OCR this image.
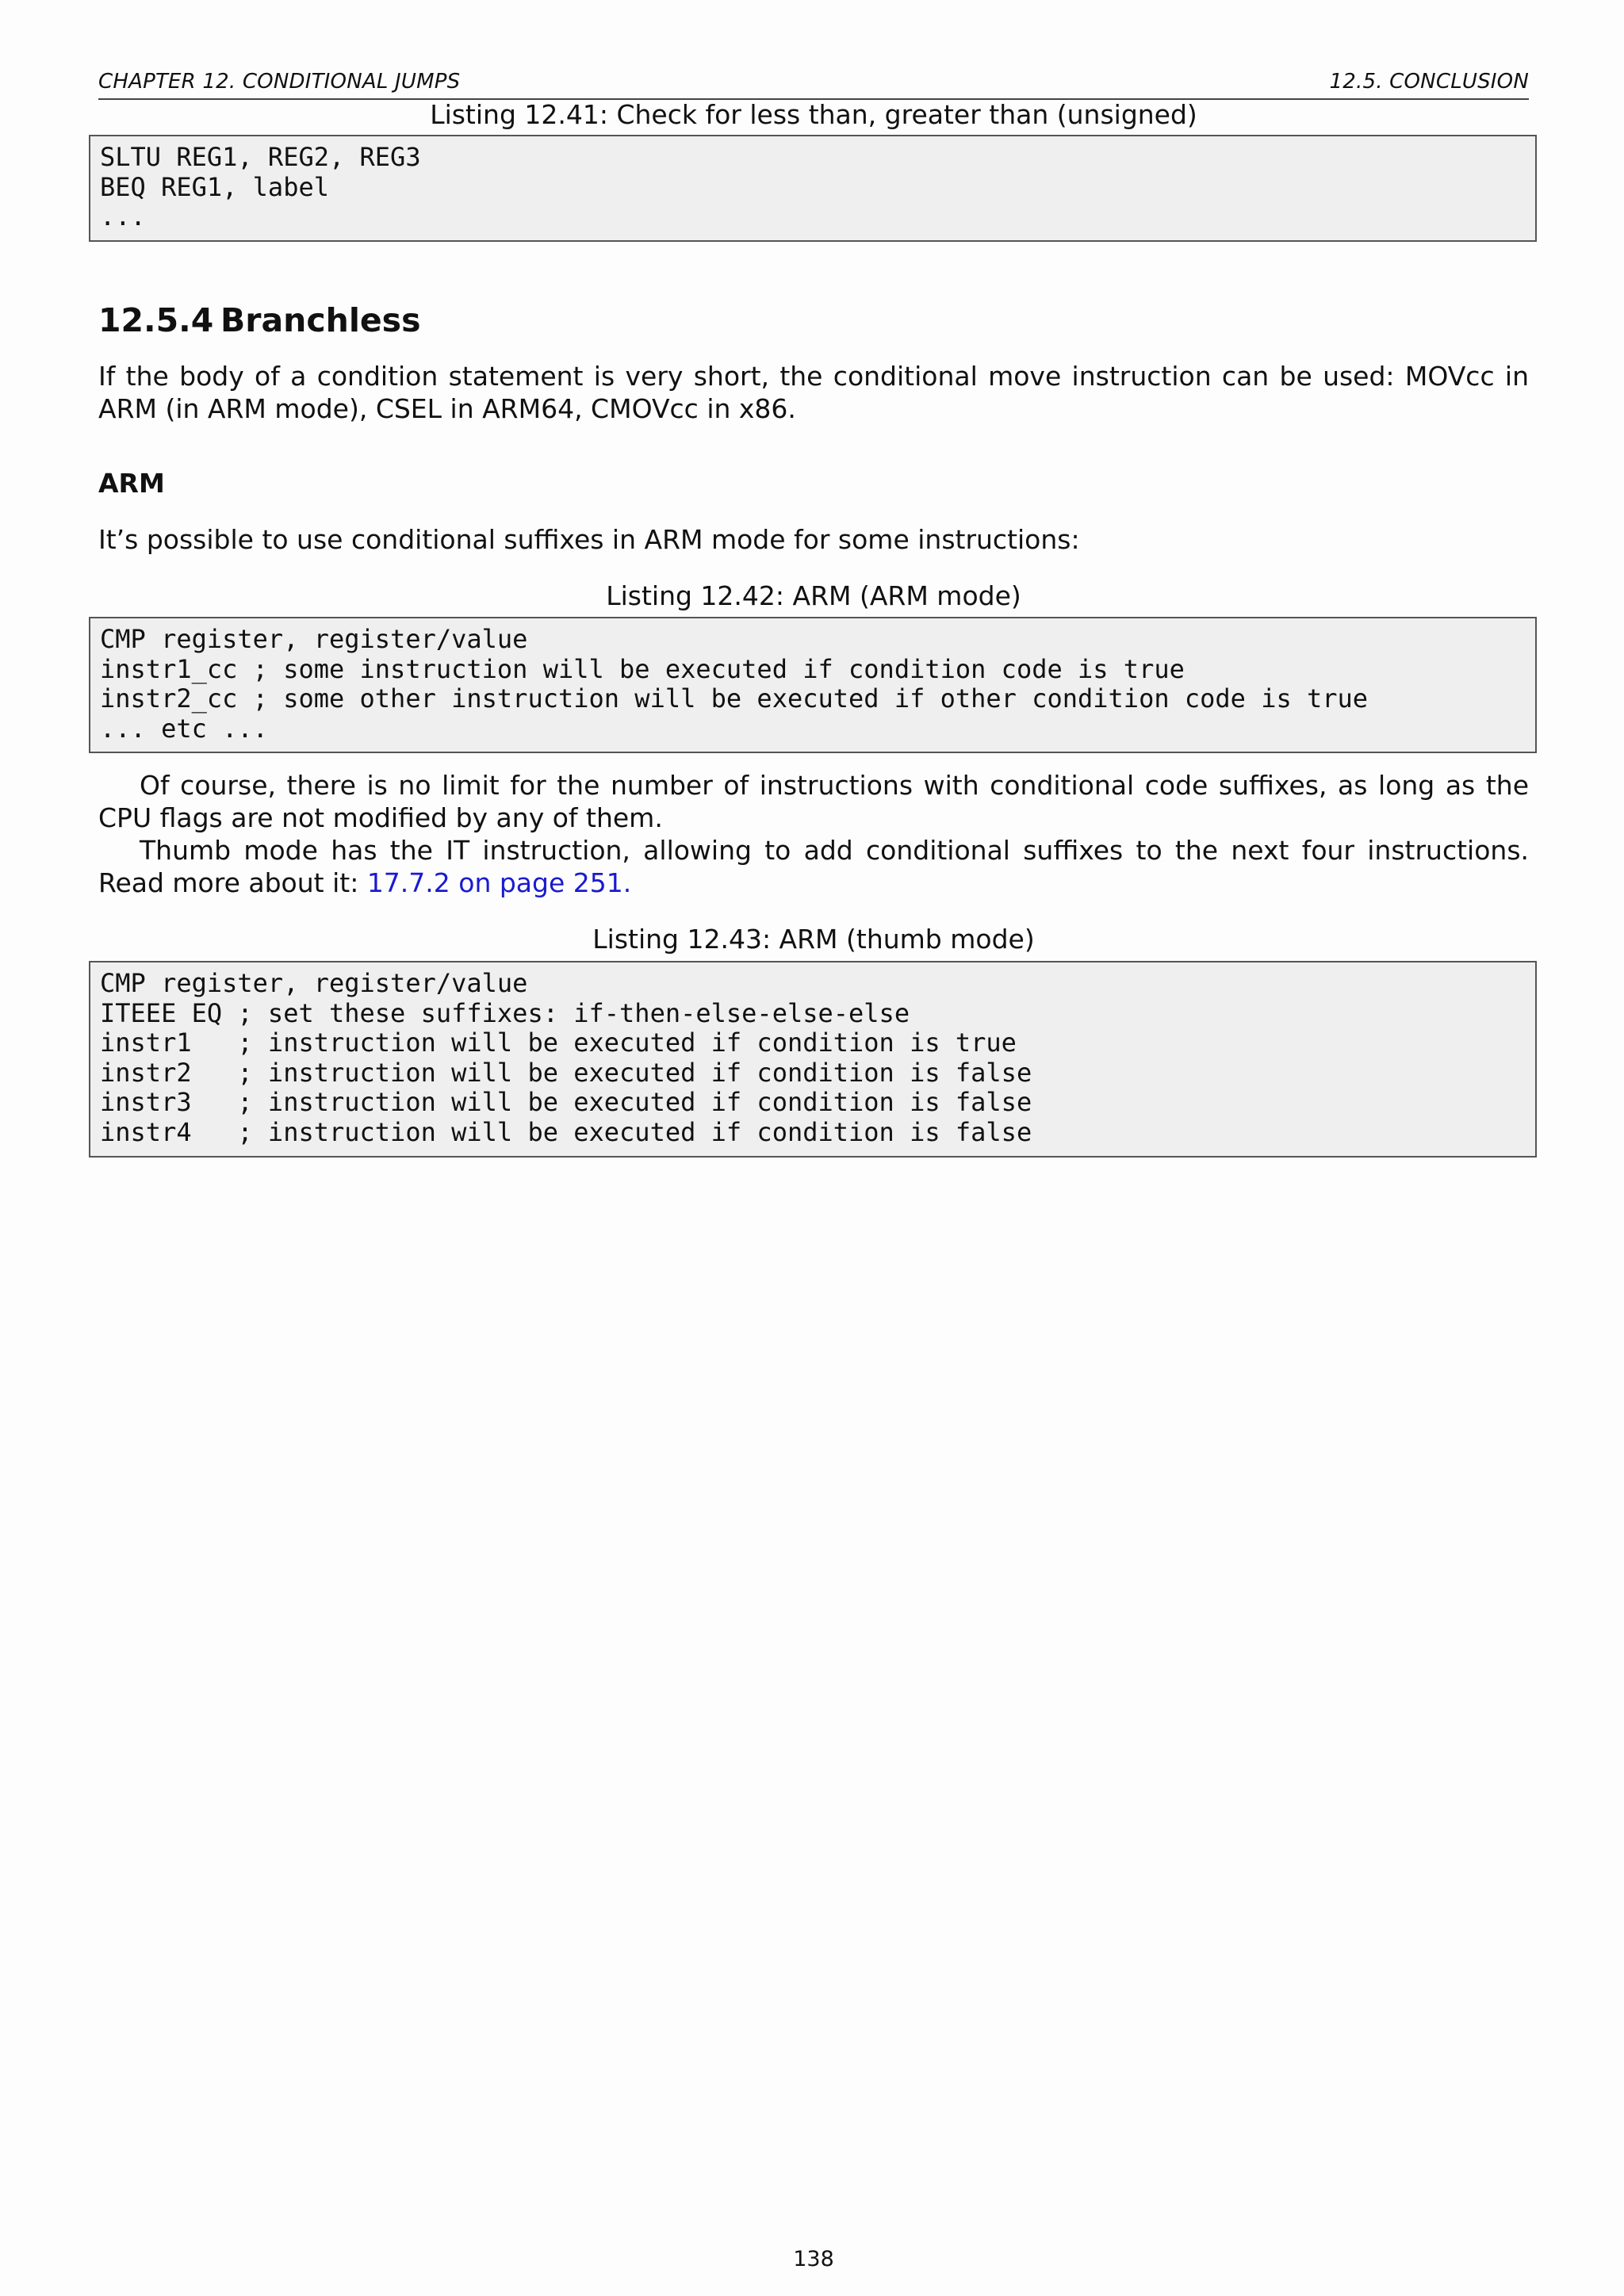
CHAPTER 12. CONDITIONAL JUMPS	12.5. CONCLUSION
Listing 12.41: Check for less than, greater than (unsigned)
SLTU REG1, REG2, REG3
BEQ REG1, label
...
12.5.4 Branchless
If the body of a condition statement is very short, the conditional move instruction can be used: MOVcc in ARM (in ARM mode), CSEL in ARM64, CMOVcc in x86.
ARM
It’s possible to use conditional suffixes in ARM mode for some instructions:
Listing 12.42: ARM (ARM mode)
CMP register, register/value
instr1_cc ; some instruction will be executed if condition code is true
instr2_cc ; some other instruction will be executed if other condition code is true
... etc ...
Of course, there is no limit for the number of instructions with conditional code suffixes, as long as the CPU flags are not modified by any of them.
Thumb mode has the IT instruction, allowing to add conditional suffixes to the next four instructions. Read more about it: 17.7.2 on page 251.
Listing 12.43: ARM (thumb mode)
CMP register, register/value
ITEEE EQ ; set these suffixes: if-then-else-else-else
instr1   ; instruction will be executed if condition is true
instr2   ; instruction will be executed if condition is false
instr3   ; instruction will be executed if condition is false
instr4   ; instruction will be executed if condition is false
138
